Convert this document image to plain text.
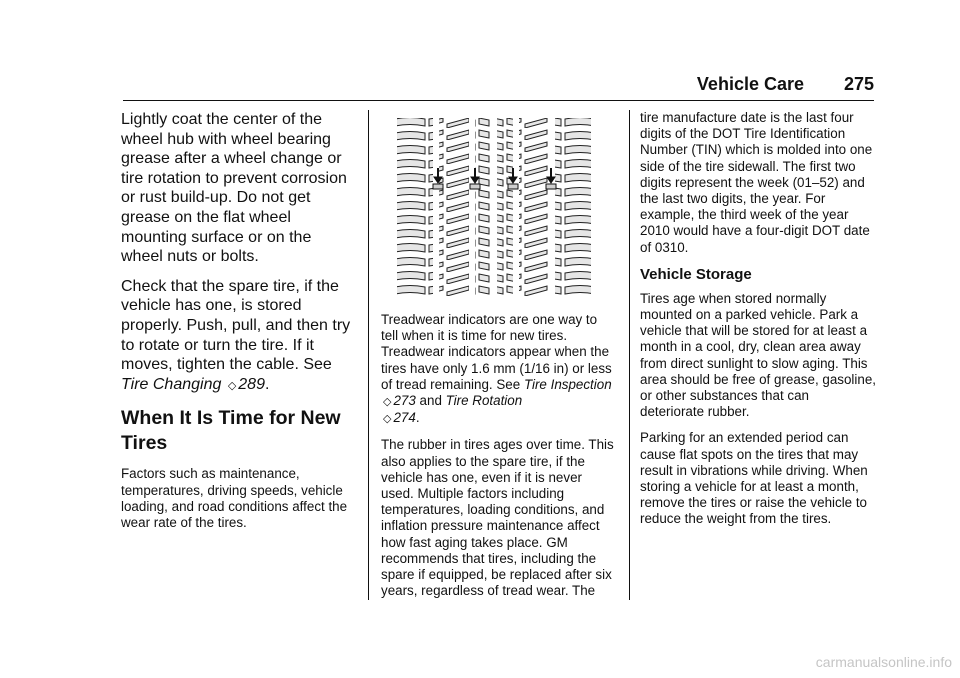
Vehicle Care 275

Lightly coat the center of the wheel hub with wheel bearing grease after a wheel change or tire rotation to prevent corrosion or rust build-up. Do not get grease on the flat wheel mounting surface or on the wheel nuts or bolts.

Check that the spare tire, if the vehicle has one, is stored properly. Push, pull, and then try to rotate or turn the tire. If it moves, tighten the cable. See
Tire Changing ◇ 289.

When It Is Time for New Tires

Factors such as maintenance, temperatures, driving speeds, vehicle loading, and road conditions affect the wear rate of the tires.

Treadwear indicators are one way to tell when it is time for new tires. Treadwear indicators appear when the tires have only 1.6 mm (1/16 in) or less of tread remaining. See Tire Inspection ◇ 273 and Tire Rotation
◇ 274.

The rubber in tires ages over time. This also applies to the spare tire, if the vehicle has one, even if it is never used. Multiple factors including temperatures, loading conditions, and inflation pressure maintenance affect how fast aging takes place. GM recommends that tires, including the spare if equipped, be replaced after six years, regardless of tread wear. The

tire manufacture date is the last four digits of the DOT Tire Identification Number (TIN) which is molded into one side of the tire sidewall. The first two digits represent the week (01–52) and the last two digits, the year. For example, the third week of the year 2010 would have a four-digit DOT date of 0310.

Vehicle Storage

Tires age when stored normally mounted on a parked vehicle. Park a vehicle that will be stored for at least a month in a cool, dry, clean area away from direct sunlight to slow aging. This area should be free of grease, gasoline, or other substances that can deteriorate rubber.

Parking for an extended period can cause flat spots on the tires that may result in vibrations while driving. When storing a vehicle for at least a month, remove the tires or raise the vehicle to reduce the weight from the tires.

carmanualsonline.info
